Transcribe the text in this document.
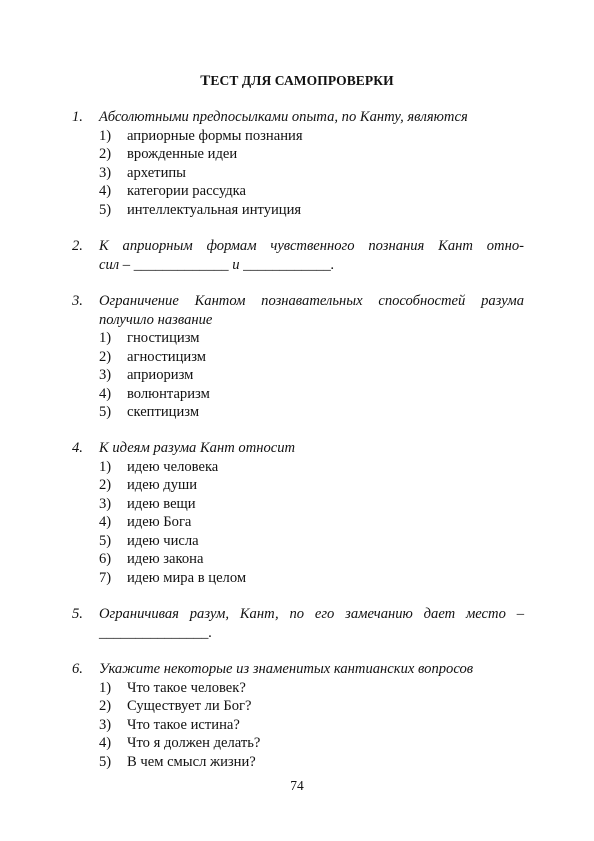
ТЕСТ ДЛЯ САМОПРОВЕРКИ
1.	Абсолютными предпосылками опыта, по Канту, являются
1)	априорные формы познания
2)	врожденные идеи
3)	архетипы
4)	категории рассудка
5)	интеллектуальная интуиция
2.	К априорным формам чувственного познания Кант отно-
сил – _____________ и ____________.
3.	Ограничение Кантом познавательных способностей разума
получило название
1)	гностицизм
2)	агностицизм
3)	априоризм
4)	волюнтаризм
5)	скептицизм
4.	К идеям разума Кант относит
1)	идею человека
2)	идею души
3)	идею вещи
4)	идею Бога
5)	идею числа
6)	идею закона
7)	идею мира в целом
5.	Ограничивая разум, Кант, по его замечанию дает место –
_______________.
6.	Укажите некоторые из знаменитых кантианских вопросов
1)	Что такое человек?
2)	Существует ли Бог?
3)	Что такое истина?
4)	Что я должен делать?
5)	В чем смысл жизни?
74
